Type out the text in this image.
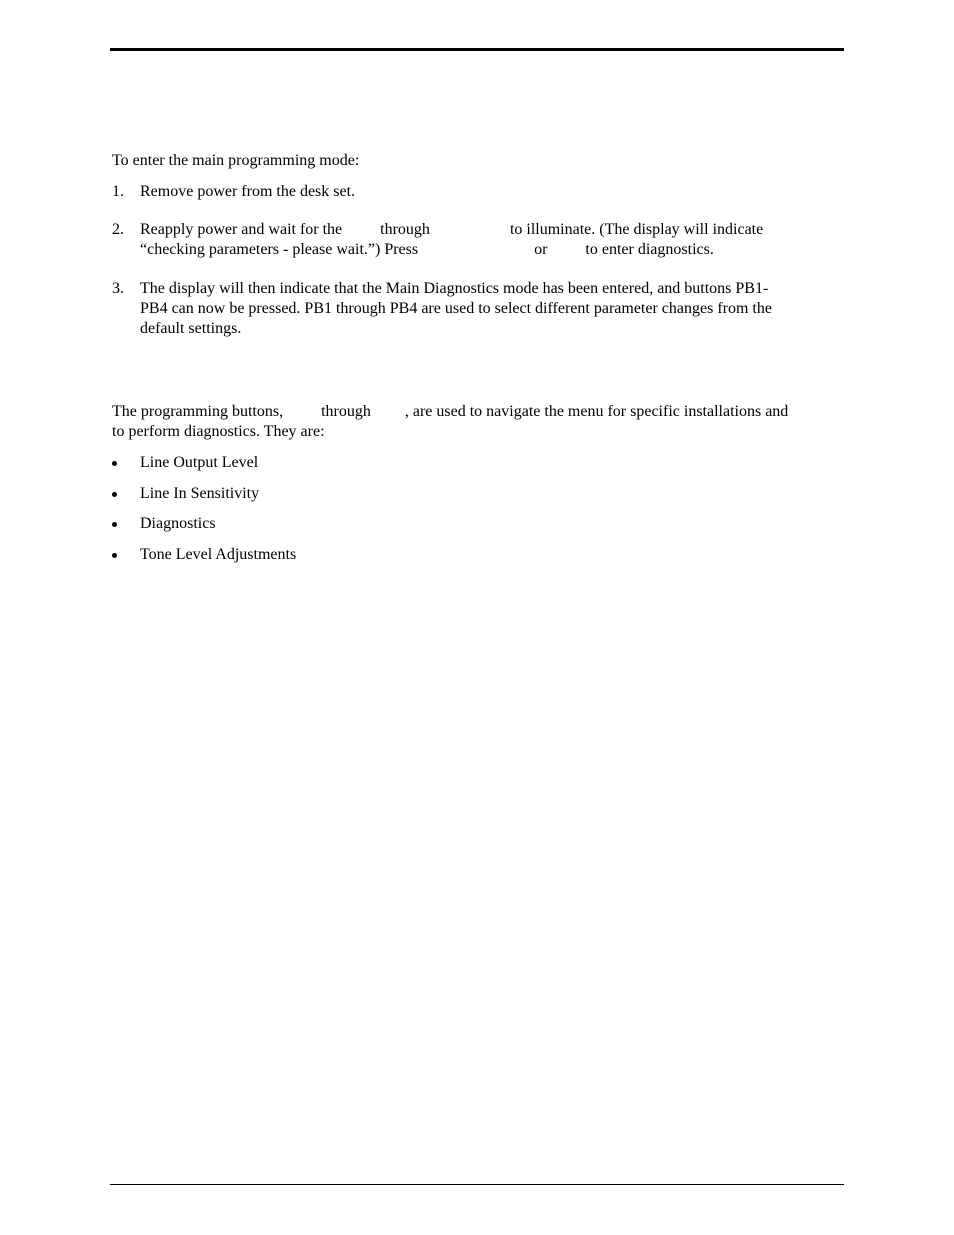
To enter the main programming mode:

1. Remove power from the desk set.
2. Reapply power and wait for the through	to illuminate. (The display will indicate
“checking parameters - please wait.”) Press	or to enter diagnostics.
3. The display will then indicate that the Main Diagnostics mode has been entered, and buttons PB1-
PB4 can now be pressed. PB1 through PB4 are used to select different parameter changes from the
default settings.
The programming buttons, through , are used to navigate the menu for specific installations and
to perform diagnostics. They are:
Line Output Level
Line In Sensitivity
Diagnostics
Tone Level Adjustments
